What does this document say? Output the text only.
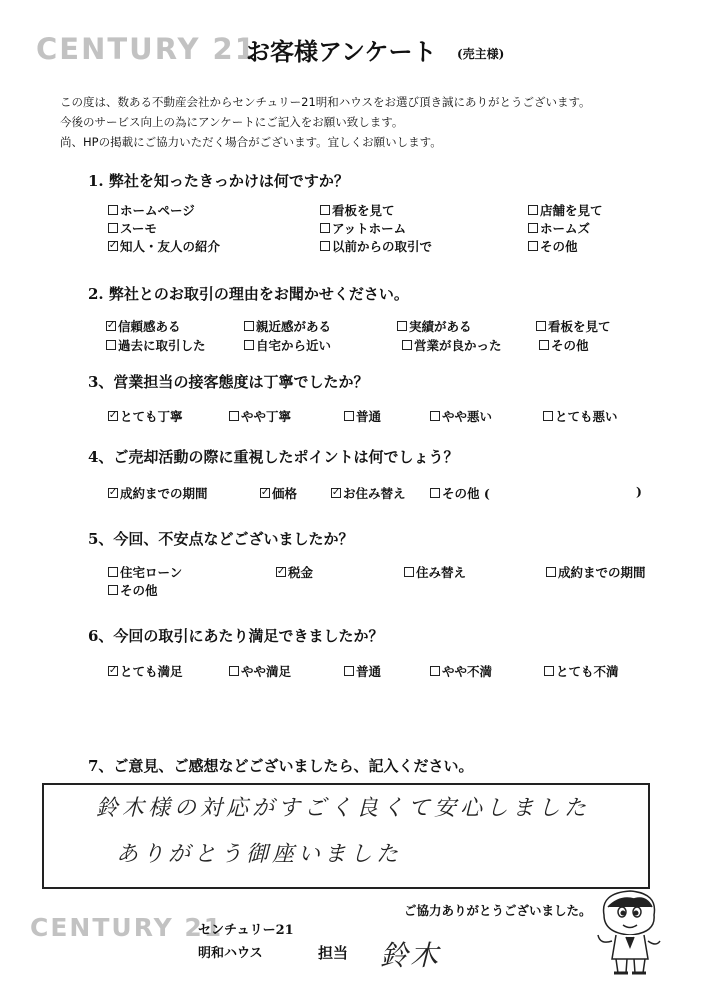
CENTURY 21
お客様アンケート (売主様)
この度は、数ある不動産会社からセンチュリー21明和ハウスをお選び頂き誠にありがとうございます。
今後のサービス向上の為にアンケートにご記入をお願い致します。
尚、HPの掲載にご協力いただく場合がございます。宜しくお願いします。
1. 弊社を知ったきっかけは何ですか？
2. 弊社とのお取引の理由をお聞かせください。
3、営業担当の接客態度は丁寧でしたか？
4、ご売却活動の際に重視したポイントは何でしょう？
5、今回、不安点などございましたか？
6、今回の取引にあたり満足できましたか？
7、ご意見、ご感想などございましたら、記入ください。
ホームページ	看板を見て	店舗を見て
スーモ	アットホーム	ホームズ
✓ 知人・友人の紹介	以前からの取引で	その他
✓ 信頼感ある	親近感がある	実績がある	看板を見て
過去に取引した	自宅から近い	営業が良かった	その他
✓ とても丁寧	やや丁寧	普通	やや悪い	とても悪い
✓ 成約までの期間	✓ 価格	✓ お住み替え	その他 (	)
住宅ローン	✓ 税金	住み替え	成約までの期間
その他
✓ とても満足	やや満足	普通	やや不満	とても不満
鈴木様の対応がすごく良くて安心しました
ありがとう御座いました
ご協力ありがとうございました。
CENTURY 21
センチュリー21
明和ハウス	担当 鈴木
